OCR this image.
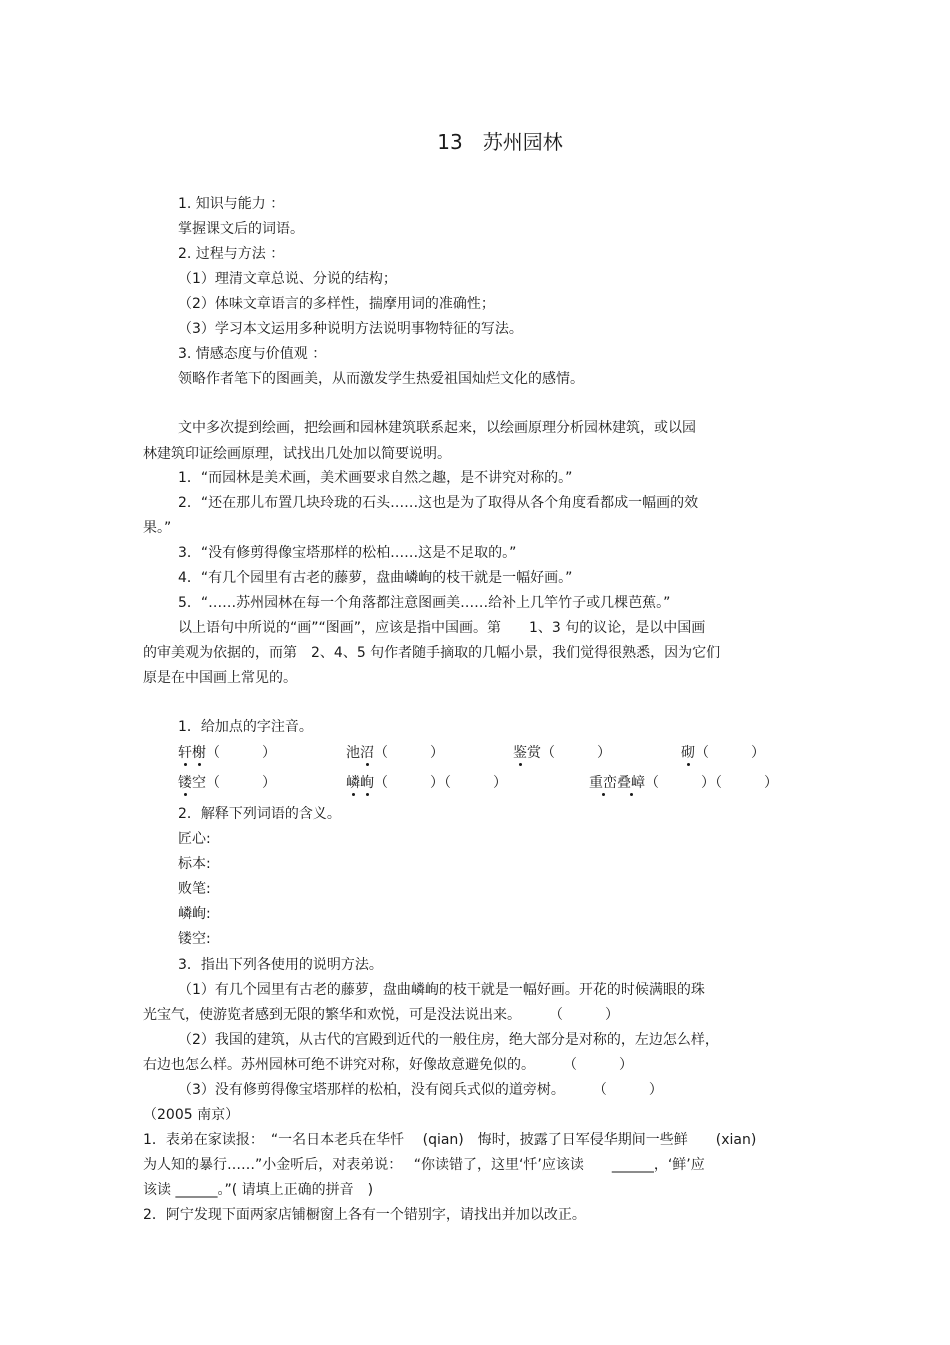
13　苏州园林
1. 知识与能力 ：
掌握课文后的词语。
2. 过程与方法 ：
（1）理清文章总说、分说的结构；
（2）体味文章语言的多样性，揣摩用词的准确性；
（3）学习本文运用多种说明方法说明事物特征的写法。
3. 情感态度与价值观 ：
领略作者笔下的图画美，从而激发学生热爱祖国灿烂文化的感情。
文中多次提到绘画，把绘画和园林建筑联系起来，以绘画原理分析园林建筑，或以园
林建筑印证绘画原理，试找出几处加以简要说明。
1．“而园林是美术画，美术画要求自然之趣，是不讲究对称的。”
2．“还在那儿布置几块玲珑的石头……这也是为了取得从各个角度看都成一幅画的效
果。”
3．“没有修剪得像宝塔那样的松柏……这是不足取的。”
4．“有几个园里有古老的藤萝，盘曲嶙峋的枝干就是一幅好画。”
5．“……苏州园林在每一个角落都注意图画美……给补上几竿竹子或几棵芭蕉。”
以上语句中所说的“画”“图画”，应该是指中国画。第　　1、3 句的议论，是以中国画
的审美观为依据的，而第　2、4、5 句作者随手摘取的几幅小景，我们觉得很熟悉，因为它们
原是在中国画上常见的。
1．给加点的字注音。
轩榭（　　　）	池沼（　　　）	鉴赏（　　　）	砌（　　　）
镂空（　　　）	嶙峋（　　　）（　　　）	重峦叠嶂（　　　）（　　　）
2．解释下列词语的含义。
匠心:
标本:
败笔:
嶙峋:
镂空:
3．指出下列各使用的说明方法。
（1）有几个园里有古老的藤萝，盘曲嶙峋的枝干就是一幅好画。开花的时候满眼的珠
光宝气，使游览者感到无限的繁华和欢悦，可是没法说出来。　　　（　　　）
（2）我国的建筑，从古代的宫殿到近代的一般住房，绝大部分是对称的，左边怎么样，
右边也怎么样。苏州园林可绝不讲究对称，好像故意避免似的。　　　（　　　）
（3）没有修剪得像宝塔那样的松柏，没有阅兵式似的道旁树。　　　（　　　）
（2005 南京）
1．表弟在家读报：　“一名日本老兵在华忏　 (qian)　悔时，披露了日军侵华期间一些鲜　　(xian)
为人知的暴行……”小金听后，对表弟说：　 “你读错了，这里‘忏’应该读　　______，‘鲜’应
该读 ______。”( 请填上正确的拼音　)
2．阿宁发现下面两家店铺橱窗上各有一个错别字，请找出并加以改正。
